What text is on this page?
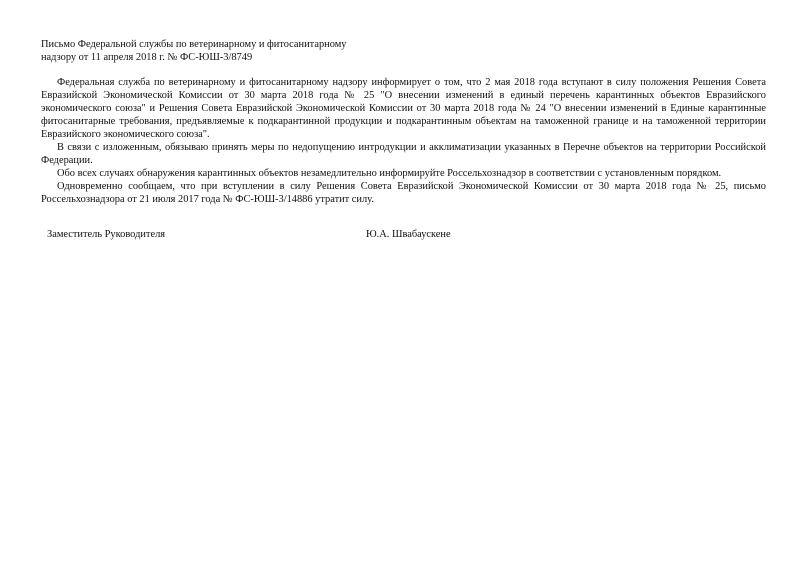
Письмо Федеральной службы по ветеринарному и фитосанитарному
надзору от 11 апреля 2018 г. № ФС-ЮШ-3/8749

Федеральная служба по ветеринарному и фитосанитарному надзору информирует о том, что 2 мая 2018 года вступают в силу положения Решения Совета Евразийской Экономической Комиссии от 30 марта 2018 года № 25 "О внесении изменений в единый перечень карантинных объектов Евразийского экономического союза" и Решения Совета Евразийской Экономической Комиссии от 30 марта 2018 года № 24 "О внесении изменений в Единые карантинные фитосанитарные требования, предъявляемые к подкарантинной продукции и подкарантинным объектам на таможенной границе и на таможенной территории Евразийского экономического союза".

В связи с изложенным, обязываю принять меры по недопущению интродукции и акклиматизации указанных в Перечне объектов на территории Российской Федерации.

Обо всех случаях обнаружения карантинных объектов незамедлительно информируйте Россельхознадзор в соответствии с установленным порядком.

Одновременно сообщаем, что при вступлении в силу Решения Совета Евразийской Экономической Комиссии от 30 марта 2018 года № 25, письмо Россельхознадзора от 21 июля 2017 года № ФС-ЮШ-3/14886 утратит силу.

Заместитель Руководителя	Ю.А. Швабаускене
